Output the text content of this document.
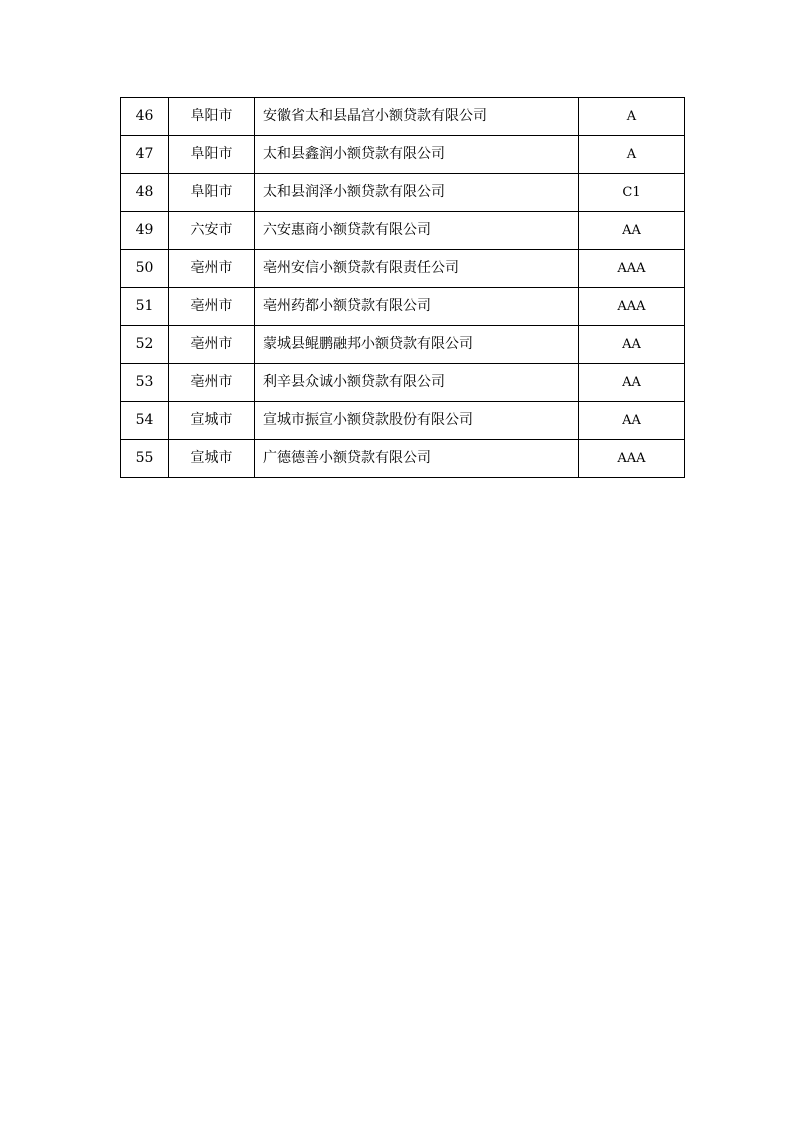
46	阜阳市	安徽省太和县晶宫小额贷款有限公司	A
47	阜阳市	太和县鑫润小额贷款有限公司	A
48	阜阳市	太和县润泽小额贷款有限公司	C1
49	六安市	六安惠商小额贷款有限公司	AA
50	亳州市	亳州安信小额贷款有限责任公司	AAA
51	亳州市	亳州药都小额贷款有限公司	AAA
52	亳州市	蒙城县鲲鹏融邦小额贷款有限公司	AA
53	亳州市	利辛县众诚小额贷款有限公司	AA
54	宣城市	宣城市振宣小额贷款股份有限公司	AA
55	宣城市	广德德善小额贷款有限公司	AAA
